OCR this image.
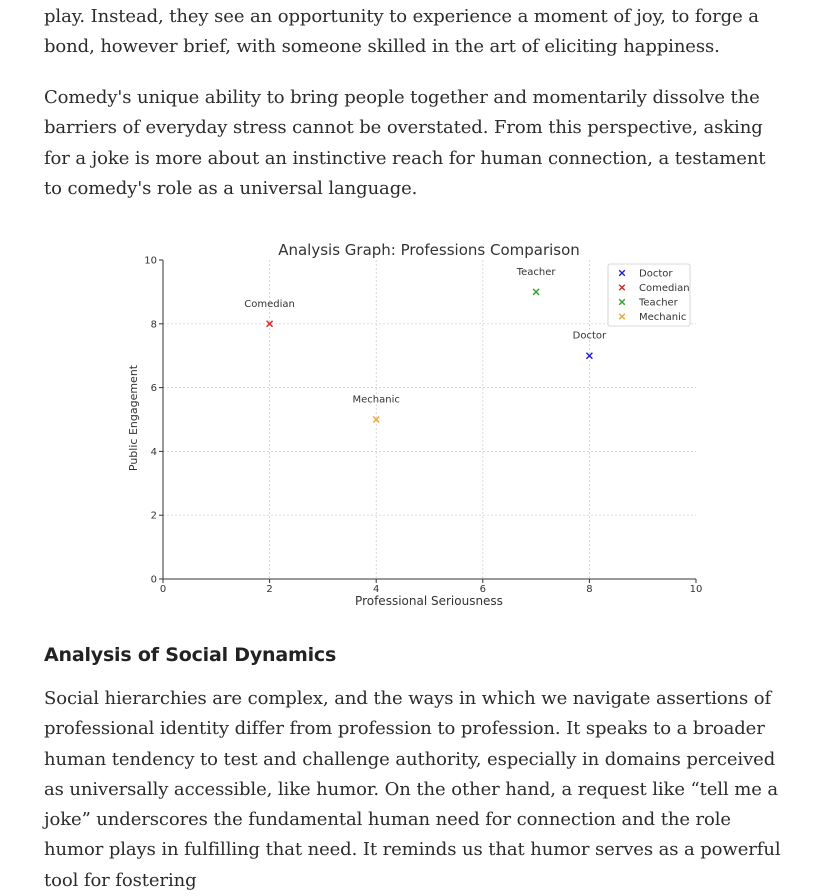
play. Instead, they see an opportunity to experience a moment of joy, to forge a bond, however brief, with someone skilled in the art of eliciting happiness.

Comedy's unique ability to bring people together and momentarily dissolve the barriers of everyday stress cannot be overstated. From this perspective, asking for a joke is more about an instinctive reach for human connection, a testament to comedy's role as a universal language.

Analysis Graph: Professions Comparison
Professional Seriousness
Public Engagement
0	2	4	6	8	10
0
2
4
6
8
10
Doctor
Comedian
Teacher
Mechanic
Doctor
Comedian
Teacher
Mechanic
Analysis of Social Dynamics

Social hierarchies are complex, and the ways in which we navigate assertions of professional identity differ from profession to profession. It speaks to a broader human tendency to test and challenge authority, especially in domains perceived as universally accessible, like humor. On the other hand, a request like “tell me a joke” underscores the fundamental human need for connection and the role humor plays in fulfilling that need. It reminds us that humor serves as a powerful tool for fostering
